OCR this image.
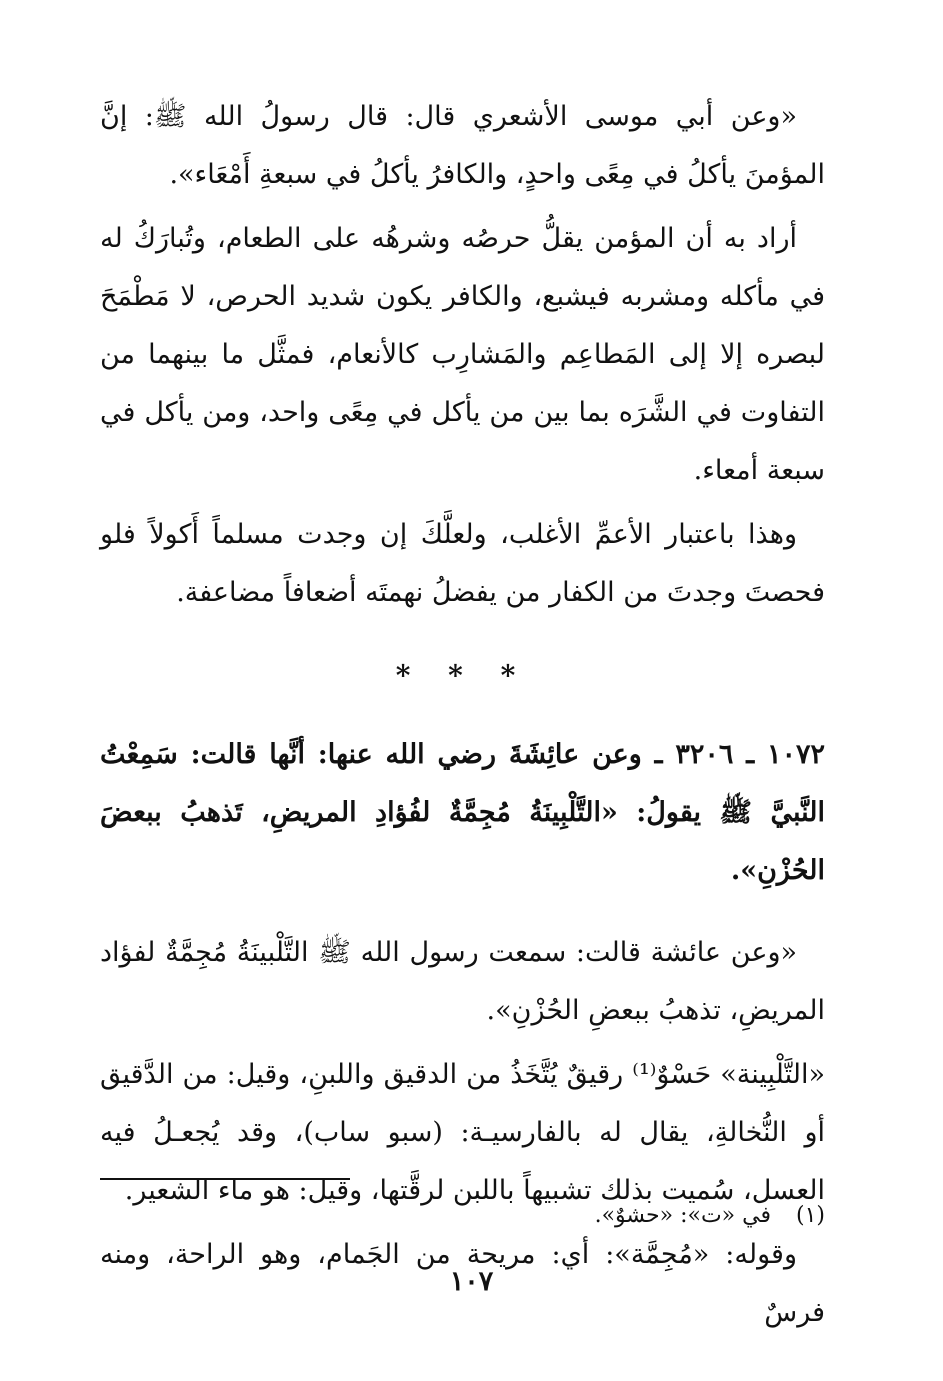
«وعن أبي موسى الأشعري قال: قال رسولُ الله ﷺ: إنَّ المؤمنَ يأكلُ في مِعًى واحدٍ، والكافرُ يأكلُ في سبعةِ أَمْعَاء».

أراد به أن المؤمن يقلُّ حرصُه وشرهُه على الطعام، وتُبارَكُ له في مأكله ومشربه فيشبع، والكافر يكون شديد الحرص، لا مَطْمَحَ لبصره إلا إلى المَطاعِم والمَشارِب كالأنعام، فمثَّل ما بينهما من التفاوت في الشَّرَه بما بين من يأكل في مِعًى واحد، ومن يأكل في سبعة أمعاء.

وهذا باعتبار الأعمِّ الأغلب، ولعلَّكَ إن وجدت مسلماً أَكولاً فلو فحصتَ وجدتَ من الكفار من يفضلُ نهمتَه أضعافاً مضاعفة.

* * *

١٠٧٢ ـ ٣٢٠٦ ـ وعن عائِشَةَ رضي الله عنها: أنَّها قالت: سَمِعْتُ النَّبيَّ ﷺ يقولُ: «التَّلْبِينَةُ مُجِمَّةٌ لفُؤادِ المريضِ، تَذهبُ ببعضَ الحُزْنِ».

«وعن عائشة قالت: سمعت رسول الله ﷺ التَّلْبينَةُ مُجِمَّةٌ لفؤاد المريضِ، تذهبُ ببعضِ الحُزْنِ».

«التَّلْبِينة» حَسْوٌ⁽¹⁾ رقيقٌ يُتَّخَذُ من الدقيق واللبنِ، وقيل: من الدَّقيق أو النُّخالةِ، يقال له بالفارسيـة: (سبو ساب)، وقد يُجعـلُ فيه العسل، سُميت بذلك تشبيهاً باللبن لرقَّتها، وقيل: هو ماء الشعير.

وقوله: «مُجِمَّة»: أي: مريحة من الجَمام، وهو الراحة، ومنه فرسٌ

(١) في «ت»: «حشوٌ».
١٠٧
